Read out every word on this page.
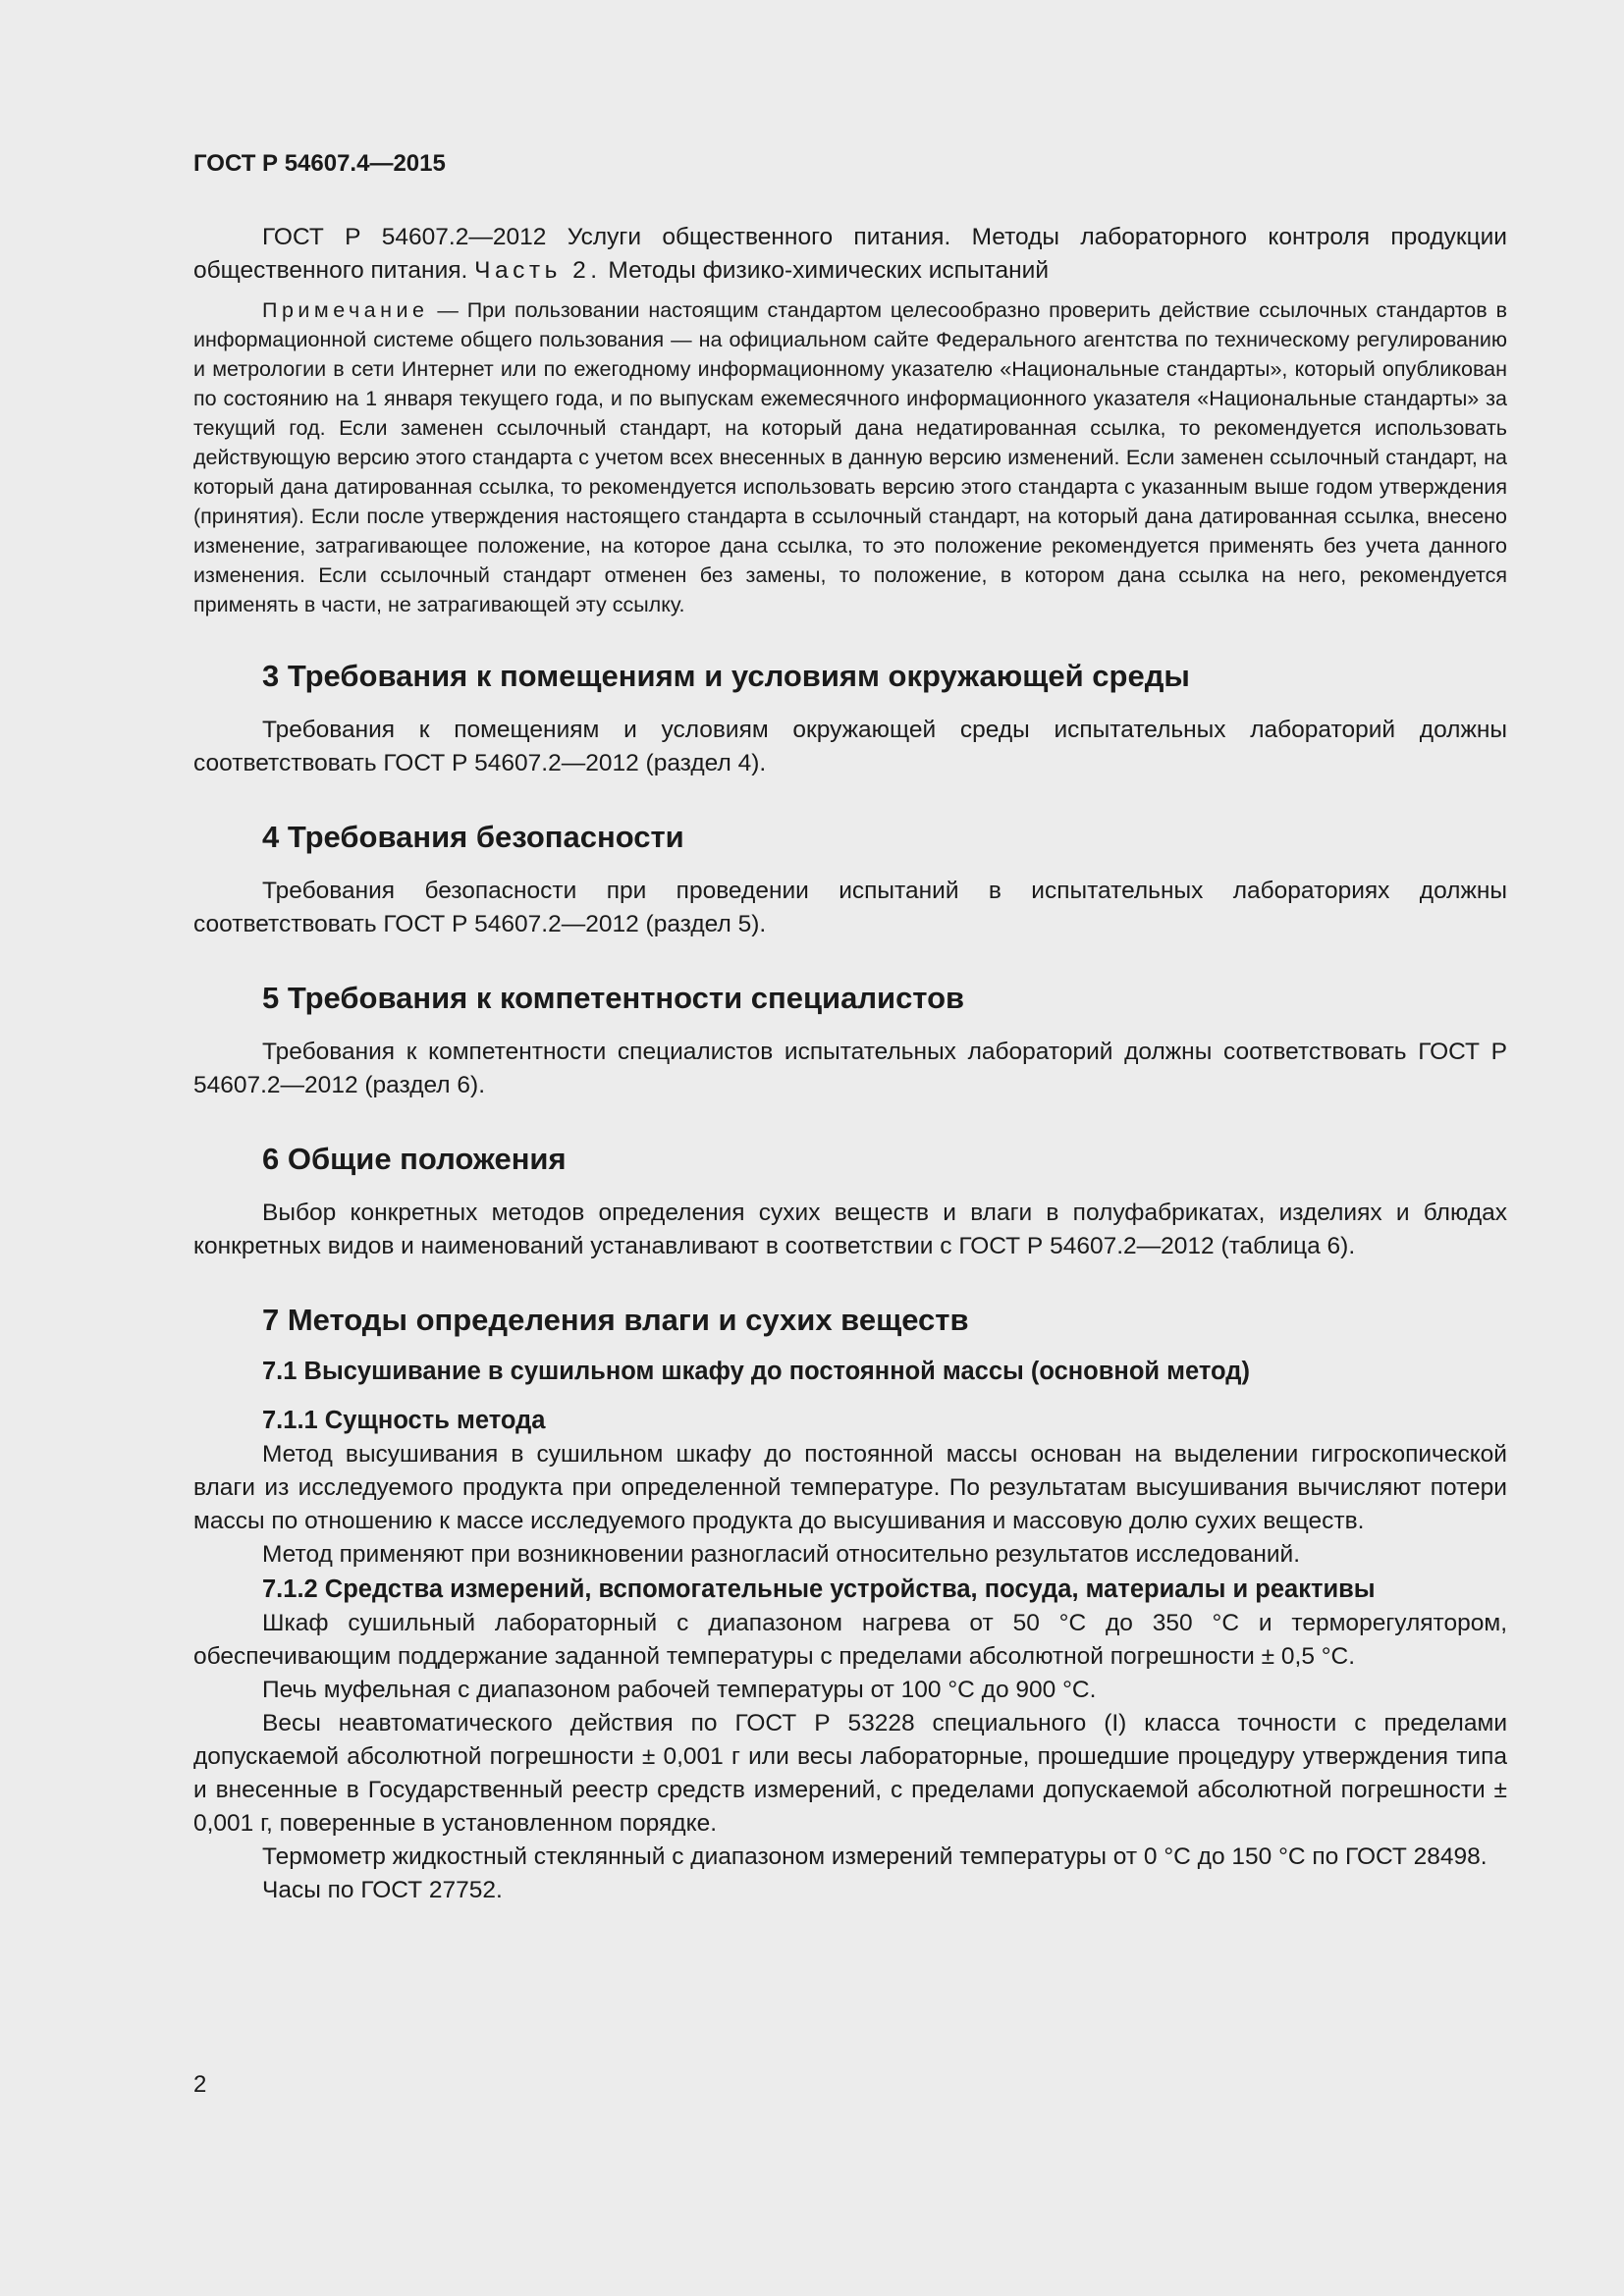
ГОСТ Р 54607.4—2015

ГОСТ Р 54607.2—2012 Услуги общественного питания. Методы лабораторного контроля продукции общественного питания. Часть 2. Методы физико-химических испытаний

Примечание — При пользовании настоящим стандартом целесообразно проверить действие ссылочных стандартов в информационной системе общего пользования — на официальном сайте Федерального агентства по техническому регулированию и метрологии в сети Интернет или по ежегодному информационному указателю «Национальные стандарты», который опубликован по состоянию на 1 января текущего года, и по выпускам ежемесячного информационного указателя «Национальные стандарты» за текущий год. Если заменен ссылочный стандарт, на который дана недатированная ссылка, то рекомендуется использовать действующую версию этого стандарта с учетом всех внесенных в данную версию изменений. Если заменен ссылочный стандарт, на который дана датированная ссылка, то рекомендуется использовать версию этого стандарта с указанным выше годом утверждения (принятия). Если после утверждения настоящего стандарта в ссылочный стандарт, на который дана датированная ссылка, внесено изменение, затрагивающее положение, на которое дана ссылка, то это положение рекомендуется применять без учета данного изменения. Если ссылочный стандарт отменен без замены, то положение, в котором дана ссылка на него, рекомендуется применять в части, не затрагивающей эту ссылку.

3 Требования к помещениям и условиям окружающей среды

Требования к помещениям и условиям окружающей среды испытательных лабораторий должны соответствовать ГОСТ Р 54607.2—2012 (раздел 4).

4 Требования безопасности

Требования безопасности при проведении испытаний в испытательных лабораториях должны соответствовать ГОСТ Р 54607.2—2012 (раздел 5).

5 Требования к компетентности специалистов

Требования к компетентности специалистов испытательных лабораторий должны соответствовать ГОСТ Р 54607.2—2012 (раздел 6).

6 Общие положения

Выбор конкретных методов определения сухих веществ и влаги в полуфабрикатах, изделиях и блюдах конкретных видов и наименований устанавливают в соответствии с ГОСТ Р 54607.2—2012 (таблица 6).

7 Методы определения влаги и сухих веществ
7.1 Высушивание в сушильном шкафу до постоянной массы (основной метод)
7.1.1 Сущность метода

Метод высушивания в сушильном шкафу до постоянной массы основан на выделении гигроскопической влаги из исследуемого продукта при определенной температуре. По результатам высушивания вычисляют потери массы по отношению к массе исследуемого продукта до высушивания и массовую долю сухих веществ.

Метод применяют при возникновении разногласий относительно результатов исследований.

7.1.2 Средства измерений, вспомогательные устройства, посуда, материалы и реактивы

Шкаф сушильный лабораторный с диапазоном нагрева от 50 °С до 350 °С и терморегулятором, обеспечивающим поддержание заданной температуры с пределами абсолютной погрешности ± 0,5 °С.

Печь муфельная с диапазоном рабочей температуры от 100 °С до 900 °С.

Весы неавтоматического действия по ГОСТ Р 53228 специального (I) класса точности с пределами допускаемой абсолютной погрешности ± 0,001 г или весы лабораторные, прошедшие процедуру утверждения типа и внесенные в Государственный реестр средств измерений, с пределами допускаемой абсолютной погрешности ± 0,001 г, поверенные в установленном порядке.

Термометр жидкостный стеклянный с диапазоном измерений температуры от 0 °С до 150 °С по ГОСТ 28498.

Часы по ГОСТ 27752.

2
